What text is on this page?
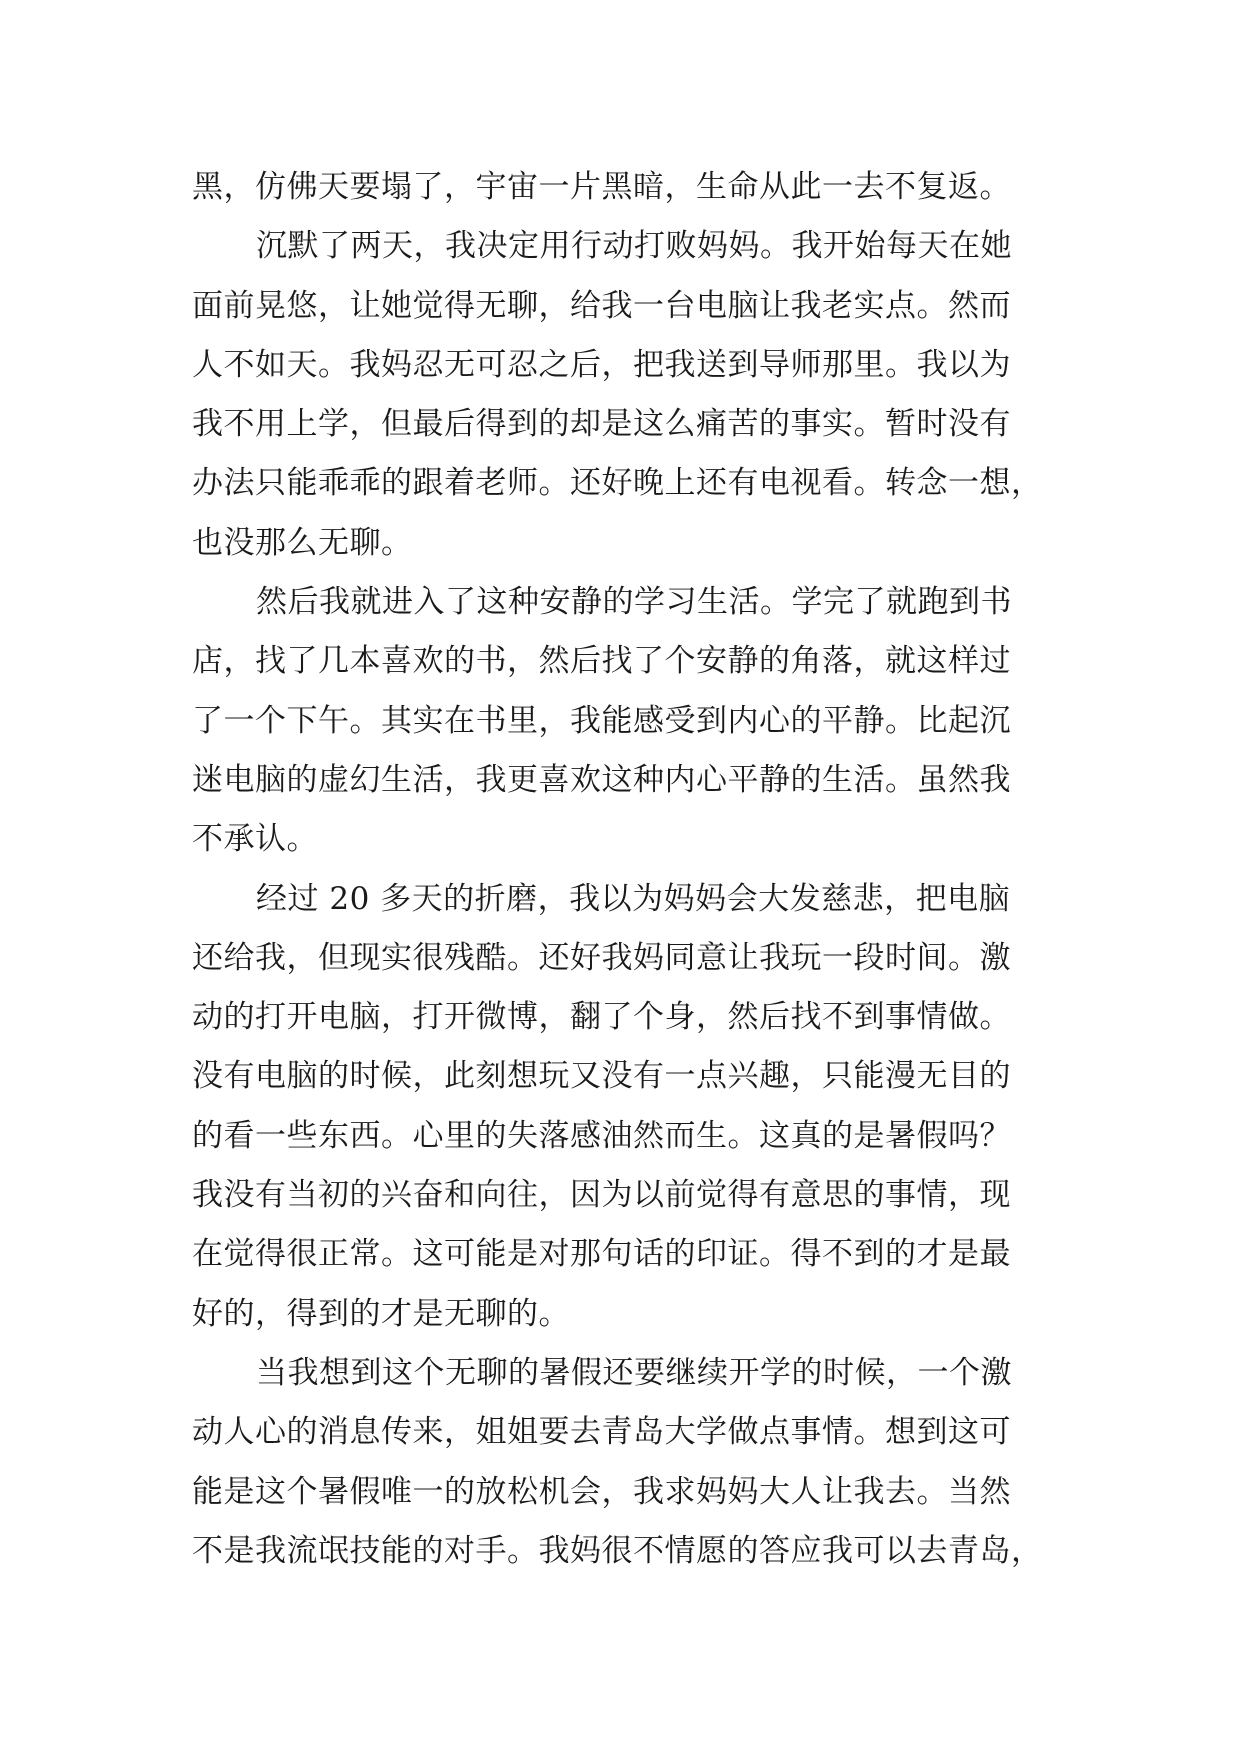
黑，仿佛天要塌了，宇宙一片黑暗，生命从此一去不复返。
沉默了两天，我决定用行动打败妈妈。我开始每天在她
面前晃悠，让她觉得无聊，给我一台电脑让我老实点。然而
人不如天。我妈忍无可忍之后，把我送到导师那里。我以为
我不用上学，但最后得到的却是这么痛苦的事实。暂时没有
办法只能乖乖的跟着老师。还好晚上还有电视看。转念一想，
也没那么无聊。
然后我就进入了这种安静的学习生活。学完了就跑到书
店，找了几本喜欢的书，然后找了个安静的角落，就这样过
了一个下午。其实在书里，我能感受到内心的平静。比起沉
迷电脑的虚幻生活，我更喜欢这种内心平静的生活。虽然我
不承认。
经过 20 多天的折磨，我以为妈妈会大发慈悲，把电脑
还给我，但现实很残酷。还好我妈同意让我玩一段时间。激
动的打开电脑，打开微博，翻了个身，然后找不到事情做。
没有电脑的时候，此刻想玩又没有一点兴趣，只能漫无目的
的看一些东西。心里的失落感油然而生。这真的是暑假吗？
我没有当初的兴奋和向往，因为以前觉得有意思的事情，现
在觉得很正常。这可能是对那句话的印证。得不到的才是最
好的，得到的才是无聊的。
当我想到这个无聊的暑假还要继续开学的时候，一个激
动人心的消息传来，姐姐要去青岛大学做点事情。想到这可
能是这个暑假唯一的放松机会，我求妈妈大人让我去。当然
不是我流氓技能的对手。我妈很不情愿的答应我可以去青岛，
